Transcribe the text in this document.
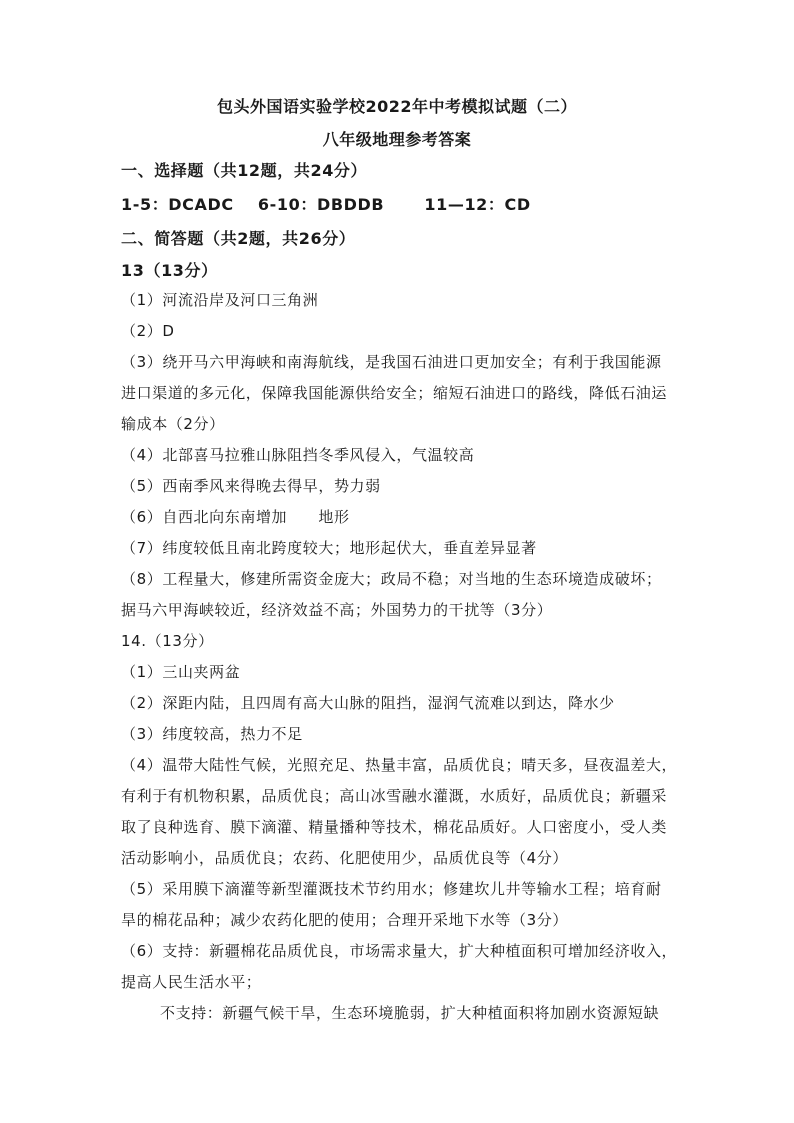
包头外国语实验学校2022年中考模拟试题（二）
八年级地理参考答案
一、选择题（共12题，共24分）
1-5：DCADC 6-10：DBDDB	11—12：CD
二、简答题（共2题，共26分）
13（13分）
（1）河流沿岸及河口三角洲
（2）D
（3）绕开马六甲海峡和南海航线，是我国石油进口更加安全；有利于我国能源
进口渠道的多元化，保障我国能源供给安全；缩短石油进口的路线，降低石油运
输成本（2分）
（4）北部喜马拉雅山脉阻挡冬季风侵入，气温较高
（5）西南季风来得晚去得早，势力弱
（6）自西北向东南增加　　地形
（7）纬度较低且南北跨度较大；地形起伏大，垂直差异显著
（8）工程量大，修建所需资金庞大；政局不稳；对当地的生态环境造成破坏；
据马六甲海峡较近，经济效益不高；外国势力的干扰等（3分）
14.（13分）
（1）三山夹两盆
（2）深距内陆，且四周有高大山脉的阻挡，湿润气流难以到达，降水少
（3）纬度较高，热力不足
（4）温带大陆性气候，光照充足、热量丰富，品质优良；晴天多，昼夜温差大，
有利于有机物积累，品质优良；高山冰雪融水灌溉，水质好，品质优良；新疆采
取了良种选育、膜下滴灌、精量播种等技术，棉花品质好。人口密度小，受人类
活动影响小，品质优良；农药、化肥使用少，品质优良等（4分）
（5）采用膜下滴灌等新型灌溉技术节约用水；修建坎儿井等输水工程；培育耐
旱的棉花品种；减少农药化肥的使用；合理开采地下水等（3分）
（6）支持：新疆棉花品质优良，市场需求量大，扩大种植面积可增加经济收入，
提高人民生活水平；
不支持：新疆气候干旱，生态环境脆弱，扩大种植面积将加剧水资源短缺
